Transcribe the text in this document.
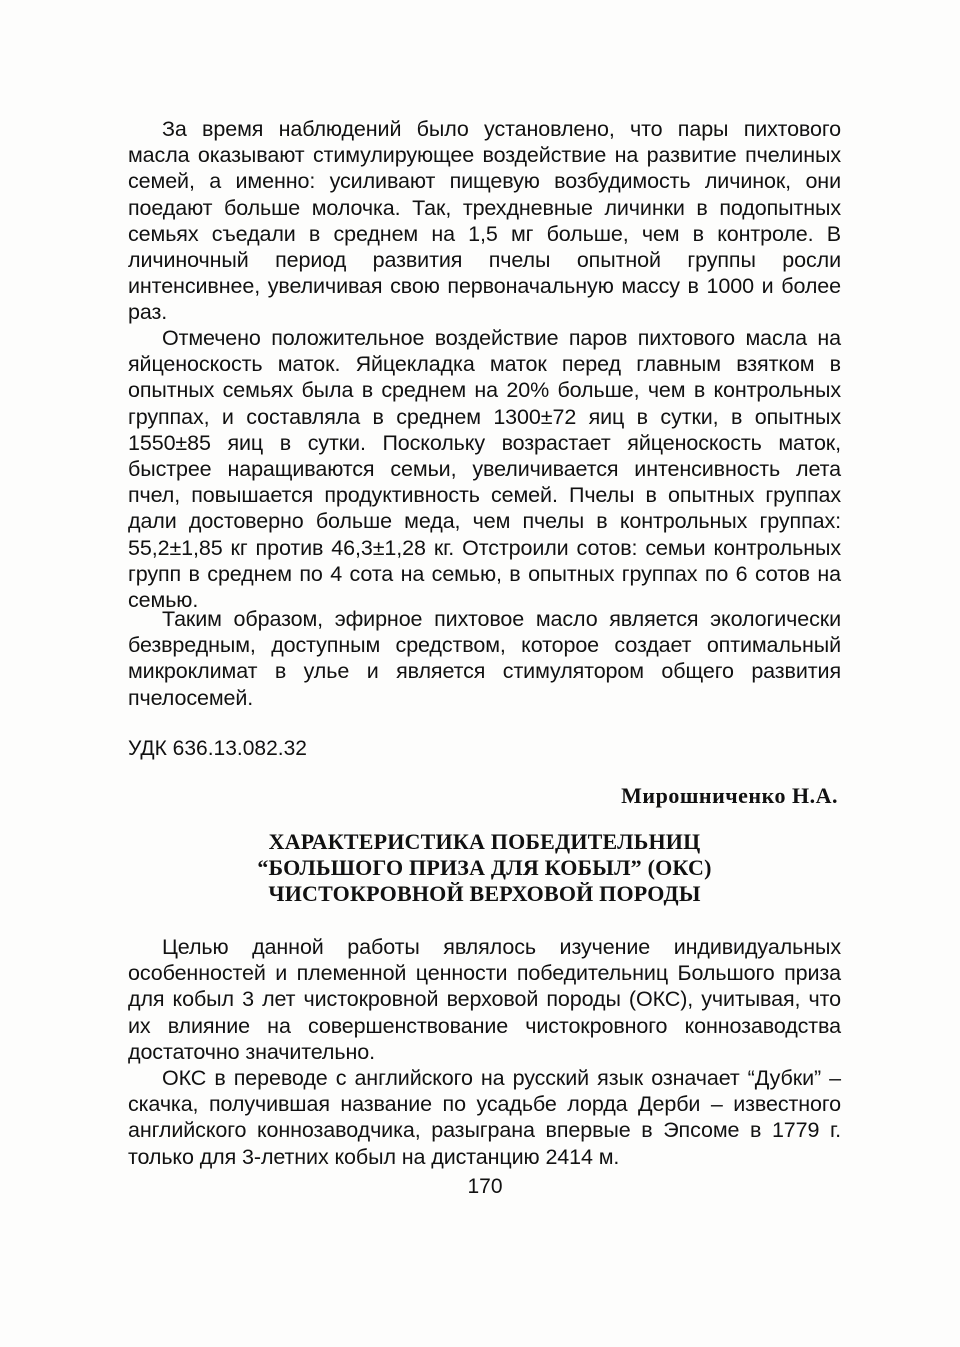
За время наблюдений было установлено, что пары пихтового масла оказывают стимулирующее воздействие на развитие пчелиных семей, а именно: усиливают пищевую возбудимость личинок, они поедают больше молочка. Так, трехдневные личинки в подопытных семьях съедали в среднем на 1,5 мг больше, чем в контроле. В личиночный период развития пчелы опытной группы росли интенсивнее, увеличивая свою первоначальную массу в 1000 и более раз.

Отмечено положительное воздействие паров пихтового масла на яйценоскость маток. Яйцекладка маток перед главным взятком в опытных семьях была в среднем на 20% больше, чем в контрольных группах, и составляла в среднем 1300±72 яиц в сутки, в опытных 1550±85 яиц в сутки. Поскольку возрастает яйценоскость маток, быстрее наращиваются семьи, увеличивается интенсивность лета пчел, повышается продуктивность семей. Пчелы в опытных группах дали достоверно больше меда, чем пчелы в контрольных группах: 55,2±1,85 кг против 46,3±1,28 кг. Отстроили сотов: семьи контрольных групп в среднем по 4 сота на семью, в опытных группах по 6 сотов на семью.

Таким образом, эфирное пихтовое масло является экологически безвредным, доступным средством, которое создает оптимальный микроклимат в улье и является стимулятором общего развития пчелосемей.

УДК 636.13.082.32

Мирошниченко Н.А.

ХАРАКТЕРИСТИКА ПОБЕДИТЕЛЬНИЦ
“БОЛЬШОГО ПРИЗА ДЛЯ КОБЫЛ” (ОКС)
ЧИСТОКРОВНОЙ ВЕРХОВОЙ ПОРОДЫ

Целью данной работы являлось изучение индивидуальных особенностей и племенной ценности победительниц Большого приза для кобыл 3 лет чистокровной верховой породы (ОКС), учитывая, что их влияние на совершенствование чистокровного коннозаводства достаточно значительно.

ОКС в переводе с английского на русский язык означает “Дубки” – скачка, получившая название по усадьбе лорда Дерби – известного английского коннозаводчика, разыграна впервые в Эпсоме в 1779 г. только для 3-летних кобыл на дистанцию 2414 м.

170
